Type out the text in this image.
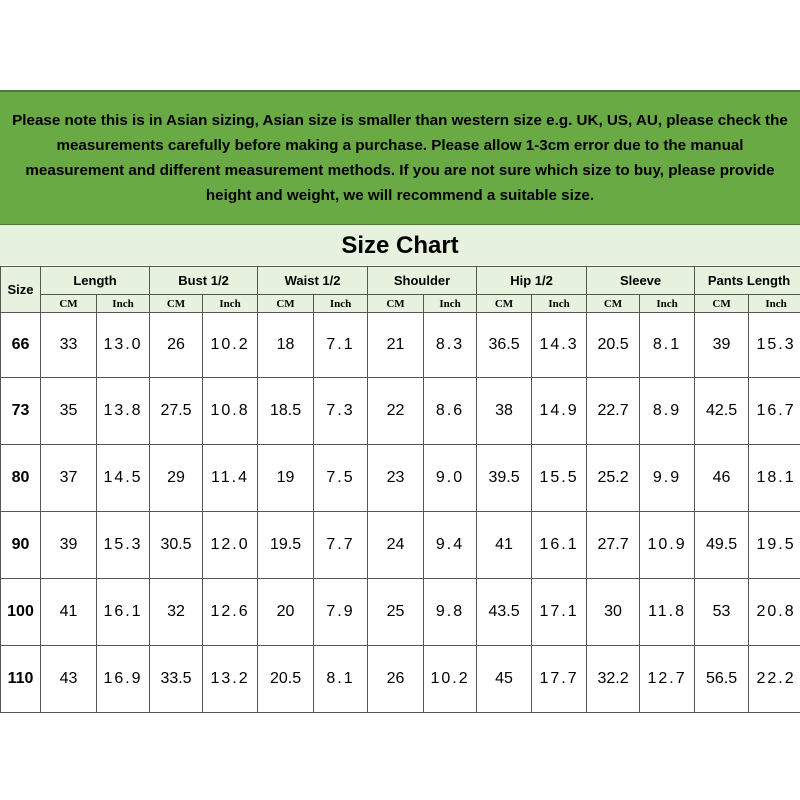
Please note this is in Asian sizing, Asian size is smaller than western size e.g. UK, US, AU, please check the measurements carefully before making a purchase. Please allow 1-3cm error due to the manual measurement and different measurement methods. If you are not sure which size to buy, please provide height and weight, we will recommend a suitable size.

Size Chart
Size	Length		Bust 1/2		Waist 1/2		Shoulder		Hip 1/2		Sleeve		Pants Length	
	CM	Inch	CM	Inch	CM	Inch	CM	Inch	CM	Inch	CM	Inch	CM	Inch
66	33	13.0	26	10.2	18	7.1	21	8.3	36.5	14.3	20.5	8.1	39	15.3
73	35	13.8	27.5	10.8	18.5	7.3	22	8.6	38	14.9	22.7	8.9	42.5	16.7
80	37	14.5	29	11.4	19	7.5	23	9.0	39.5	15.5	25.2	9.9	46	18.1
90	39	15.3	30.5	12.0	19.5	7.7	24	9.4	41	16.1	27.7	10.9	49.5	19.5
100	41	16.1	32	12.6	20	7.9	25	9.8	43.5	17.1	30	11.8	53	20.8
110	43	16.9	33.5	13.2	20.5	8.1	26	10.2	45	17.7	32.2	12.7	56.5	22.2
